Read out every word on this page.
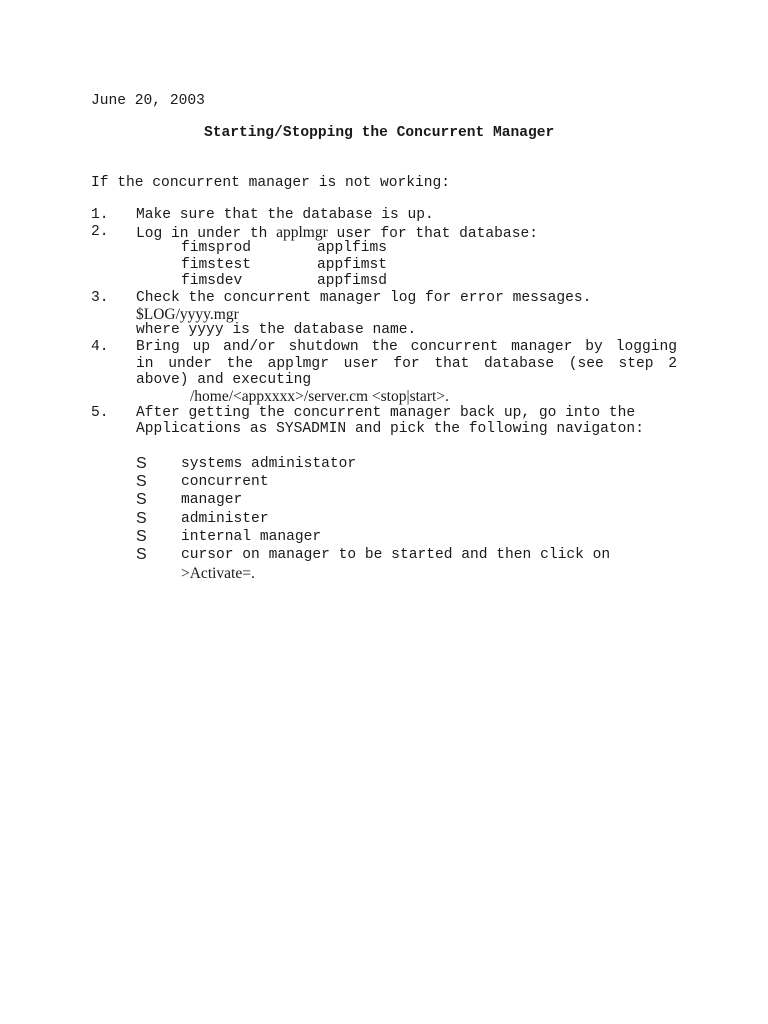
June 20, 2003
Starting/Stopping the Concurrent Manager
If the concurrent manager is not working:
1. Make sure that the database is up.
2. Log in under th applmgr user for that database:
fimsprod	applfims
fimstest	appfimst
fimsdev	appfimsd
3. Check the concurrent manager log for error messages.
$LOG/yyyy.mgr
where yyyy is the database name.
4. Bring up and/or shutdown the concurrent manager by logging
in under the applmgr user for that database (see step 2
above) and executing
/home/<appxxxx>/server.cm <stop|start>.
5. After getting the concurrent manager back up, go into the
Applications as SYSADMIN and pick the following navigaton:
S systems administator
S concurrent
S manager
S administer
S internal manager
S cursor on manager to be started and then click on
>Activate=.
